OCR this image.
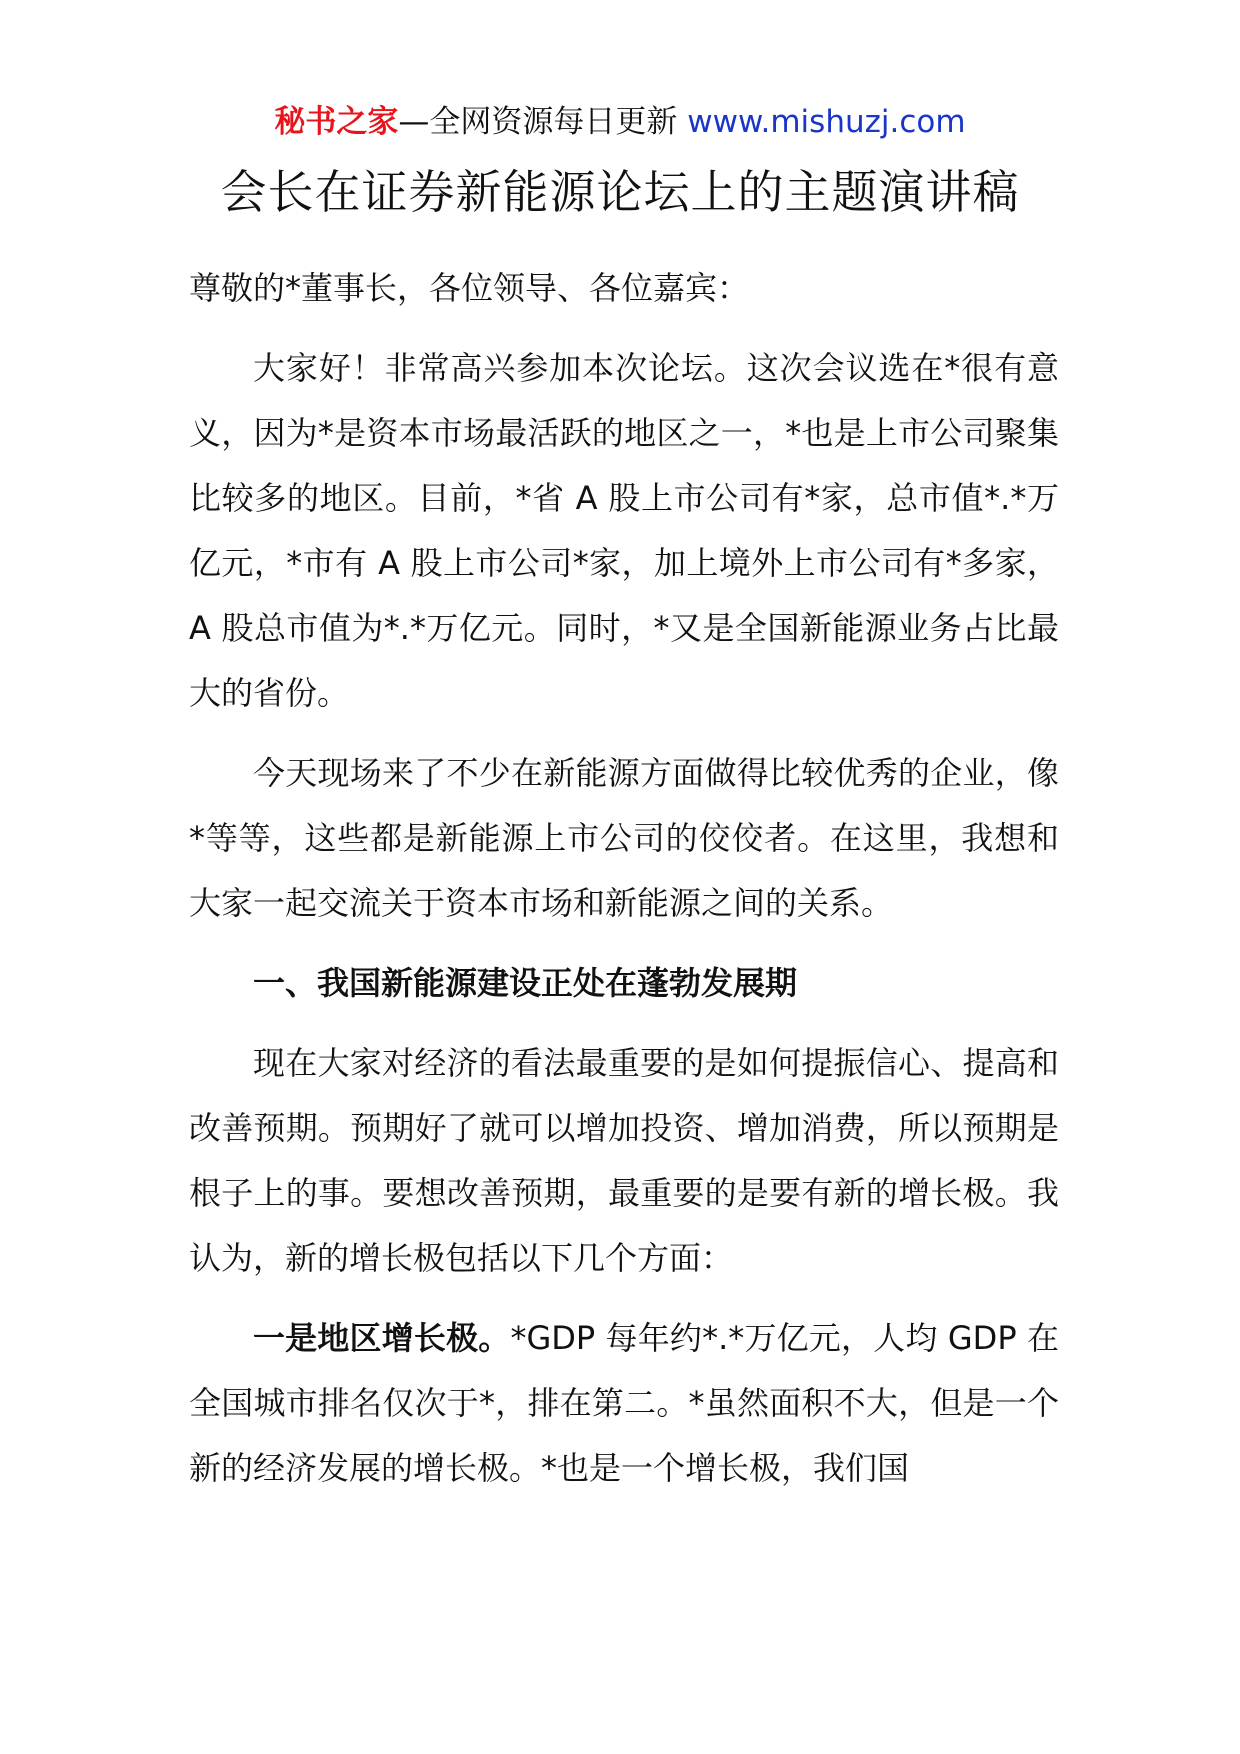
秘书之家—全网资源每日更新 www.mishuzj.com
会长在证券新能源论坛上的主题演讲稿

尊敬的*董事长，各位领导、各位嘉宾：

大家好！非常高兴参加本次论坛。这次会议选在*很有意义，因为*是资本市场最活跃的地区之一，*也是上市公司聚集比较多的地区。目前，*省 A 股上市公司有*家，总市值*.*万亿元，*市有 A 股上市公司*家，加上境外上市公司有*多家，A 股总市值为*.*万亿元。同时，*又是全国新能源业务占比最大的省份。

今天现场来了不少在新能源方面做得比较优秀的企业，像*等等，这些都是新能源上市公司的佼佼者。在这里，我想和大家一起交流关于资本市场和新能源之间的关系。

一、我国新能源建设正处在蓬勃发展期

现在大家对经济的看法最重要的是如何提振信心、提高和改善预期。预期好了就可以增加投资、增加消费，所以预期是根子上的事。要想改善预期，最重要的是要有新的增长极。我认为，新的增长极包括以下几个方面：

一是地区增长极。*GDP 每年约*.*万亿元，人均 GDP 在全国城市排名仅次于*，排在第二。*虽然面积不大，但是一个新的经济发展的增长极。*也是一个增长极，我们国
